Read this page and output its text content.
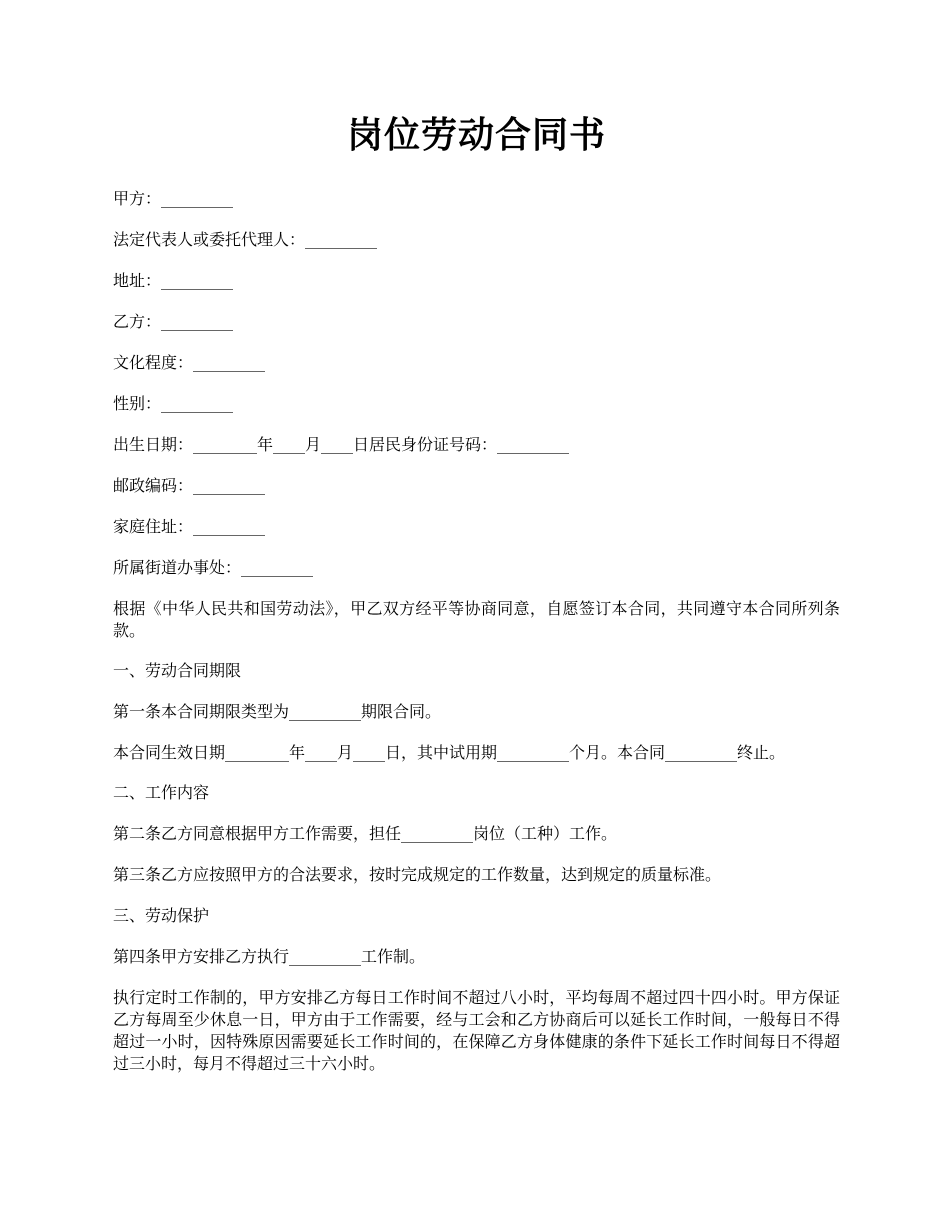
岗位劳动合同书

甲方：_________

法定代表人或委托代理人：_________

地址：_________

乙方：_________

文化程度：_________

性别：_________

出生日期：________年____月____日居民身份证号码：_________

邮政编码：_________

家庭住址：_________

所属街道办事处：_________

根据《中华人民共和国劳动法》，甲乙双方经平等协商同意，自愿签订本合同，共同遵守本合同所列条款。

一、劳动合同期限

第一条本合同期限类型为_________期限合同。

本合同生效日期________年____月____日，其中试用期_________个月。本合同_________终止。

二、工作内容

第二条乙方同意根据甲方工作需要，担任_________岗位（工种）工作。

第三条乙方应按照甲方的合法要求，按时完成规定的工作数量，达到规定的质量标准。

三、劳动保护

第四条甲方安排乙方执行_________工作制。

执行定时工作制的，甲方安排乙方每日工作时间不超过八小时，平均每周不超过四十四小时。甲方保证乙方每周至少休息一日，甲方由于工作需要，经与工会和乙方协商后可以延长工作时间，一般每日不得超过一小时，因特殊原因需要延长工作时间的，在保障乙方身体健康的条件下延长工作时间每日不得超过三小时，每月不得超过三十六小时。
